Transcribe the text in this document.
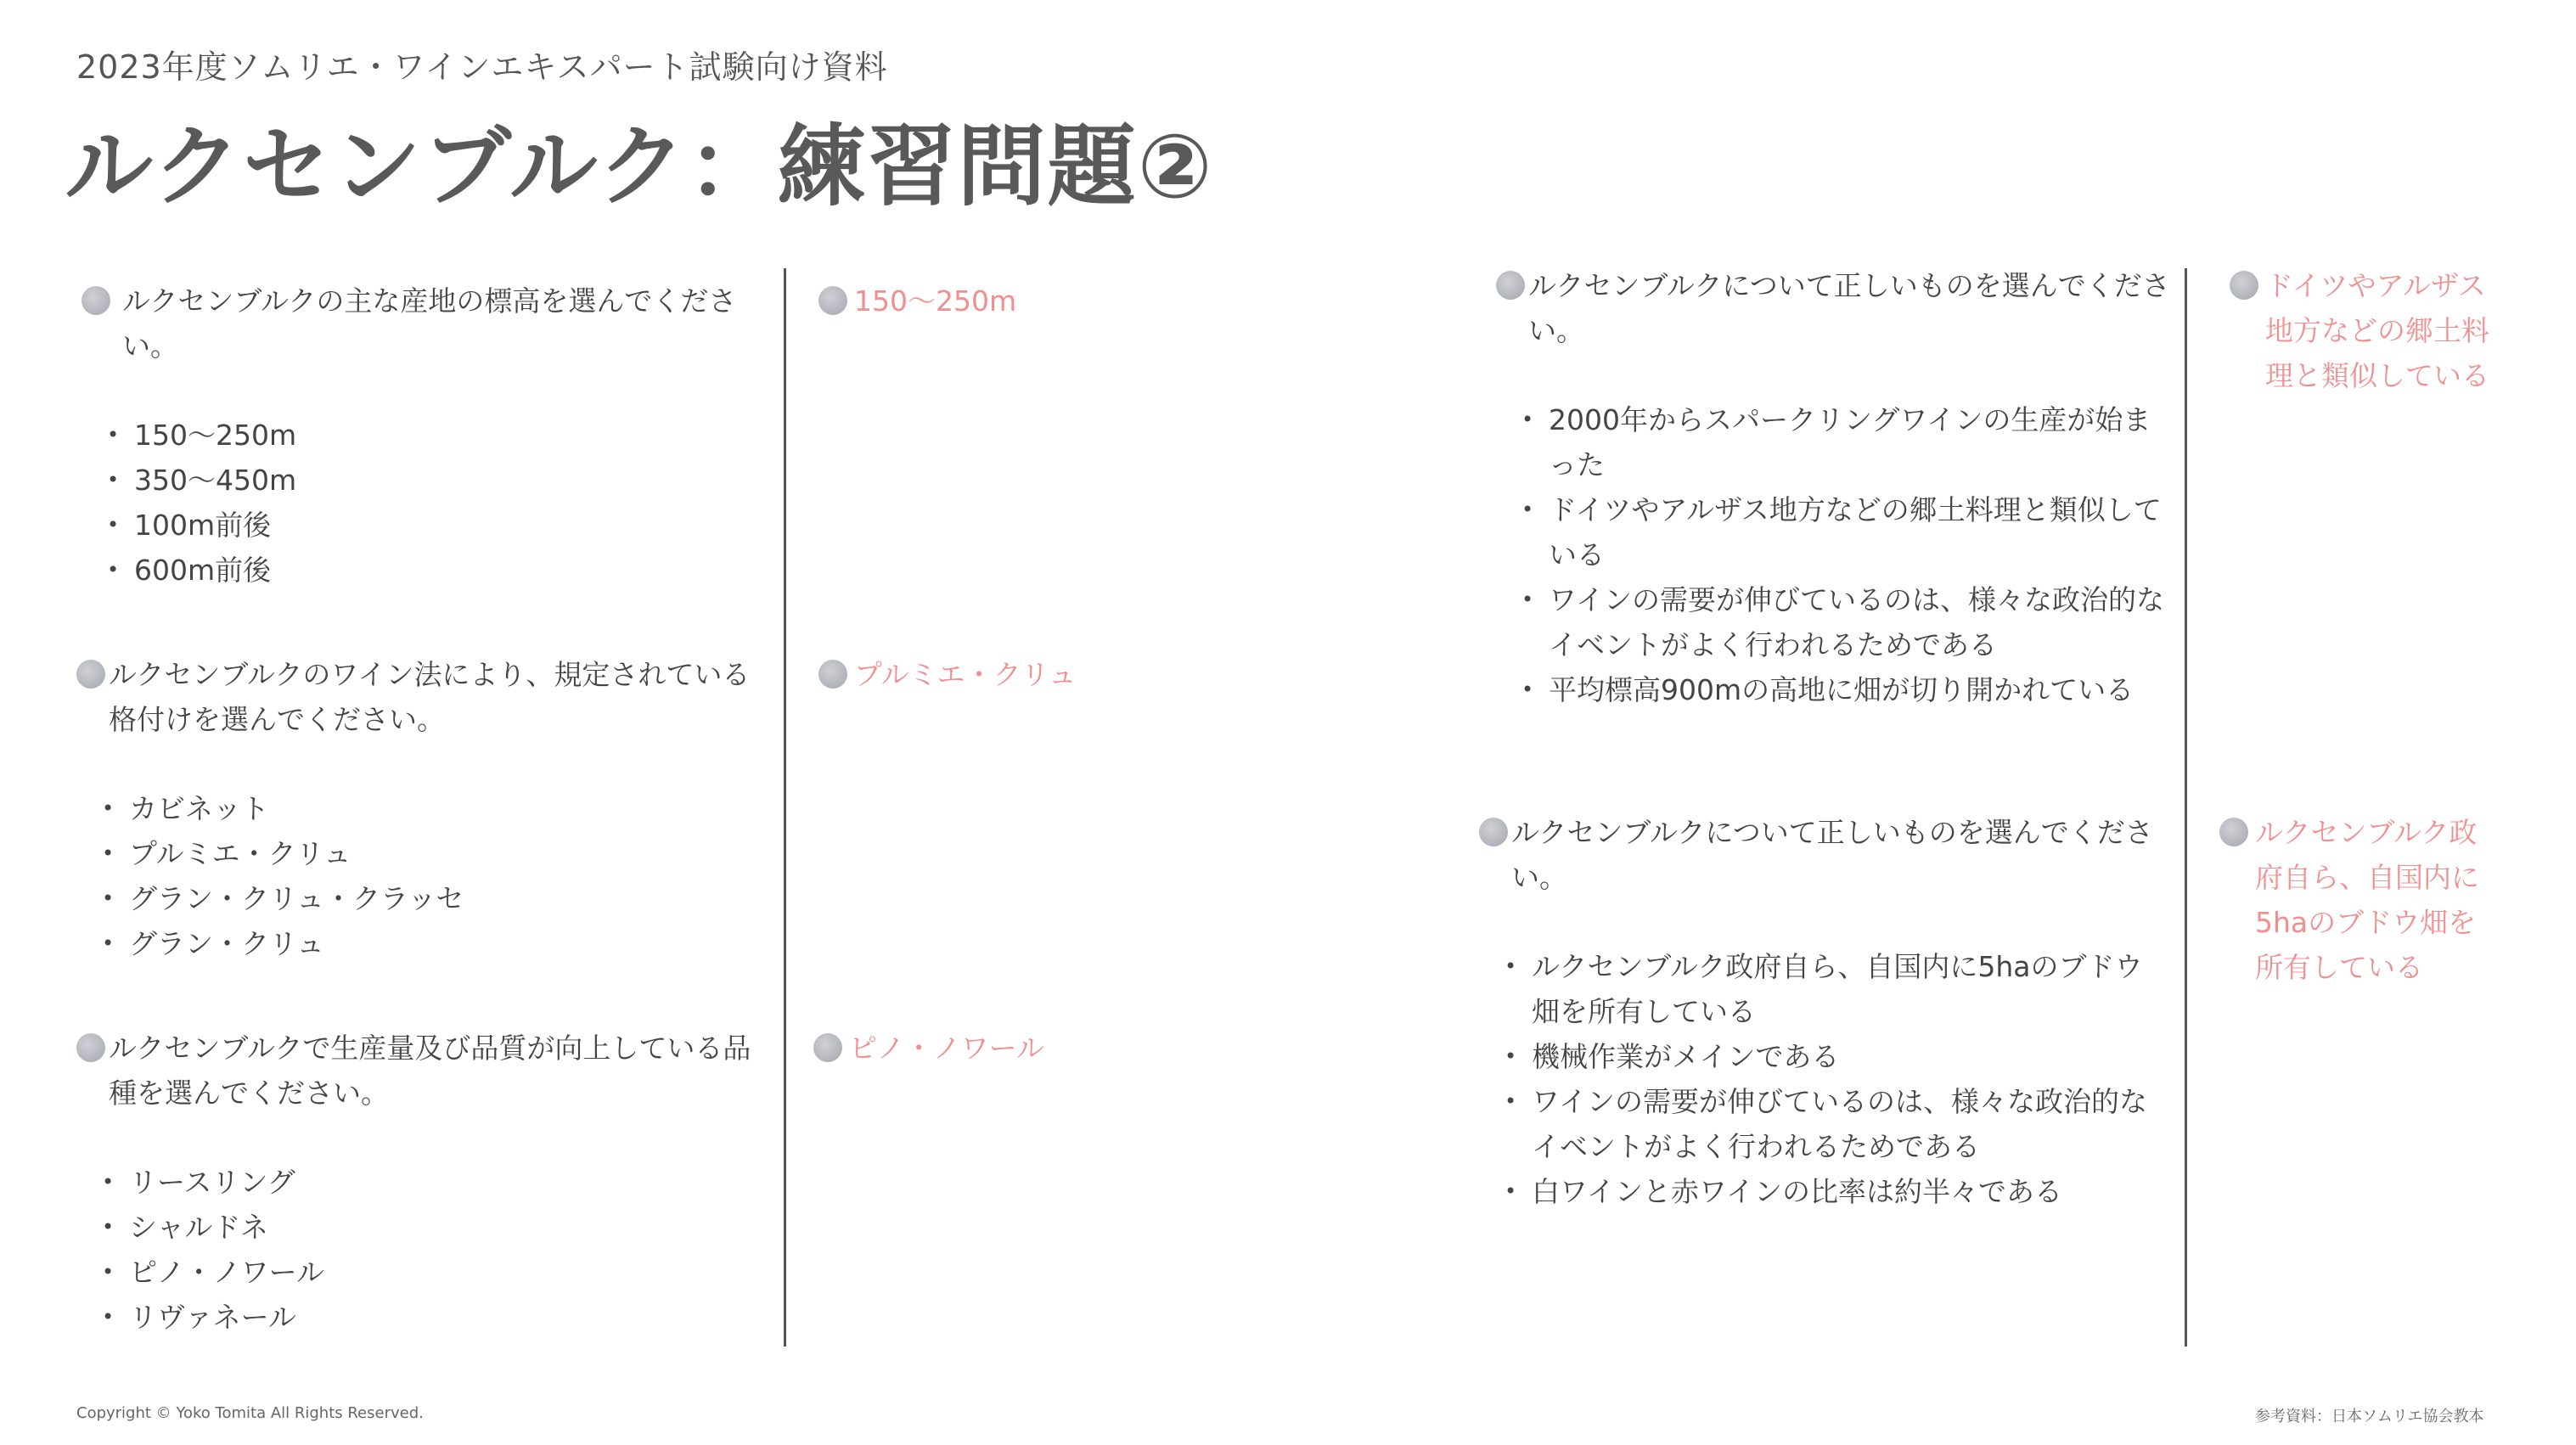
2023年度ソムリエ・ワインエキスパート試験向け資料
ルクセンブルク：練習問題②
ルクセンブルクの主な産地の標高を選んでください。
• 150〜250m
• 350〜450m
• 100m前後
• 600m前後
150〜250m
ルクセンブルクのワイン法により、規定されている格付けを選んでください。
• カビネット
• プルミエ・クリュ
• グラン・クリュ・クラッセ
• グラン・クリュ
プルミエ・クリュ
ルクセンブルクで生産量及び品質が向上している品種を選んでください。
• リースリング
• シャルドネ
• ピノ・ノワール
• リヴァネール
ピノ・ノワール
ルクセンブルクについて正しいものを選んでください。
• 2000年からスパークリングワインの生産が始まった
• ドイツやアルザス地方などの郷土料理と類似している
• ワインの需要が伸びているのは、様々な政治的なイベントがよく行われるためである
• 平均標高900mの高地に畑が切り開かれている
ドイツやアルザス地方などの郷土料理と類似している
ルクセンブルクについて正しいものを選んでください。
• ルクセンブルク政府自ら、自国内に5haのブドウ畑を所有している
• 機械作業がメインである
• ワインの需要が伸びているのは、様々な政治的なイベントがよく行われるためである
• 白ワインと赤ワインの比率は約半々である
ルクセンブルク政府自ら、自国内に5haのブドウ畑を所有している
Copyright © Yoko Tomita All Rights Reserved.	参考資料：日本ソムリエ協会教本
